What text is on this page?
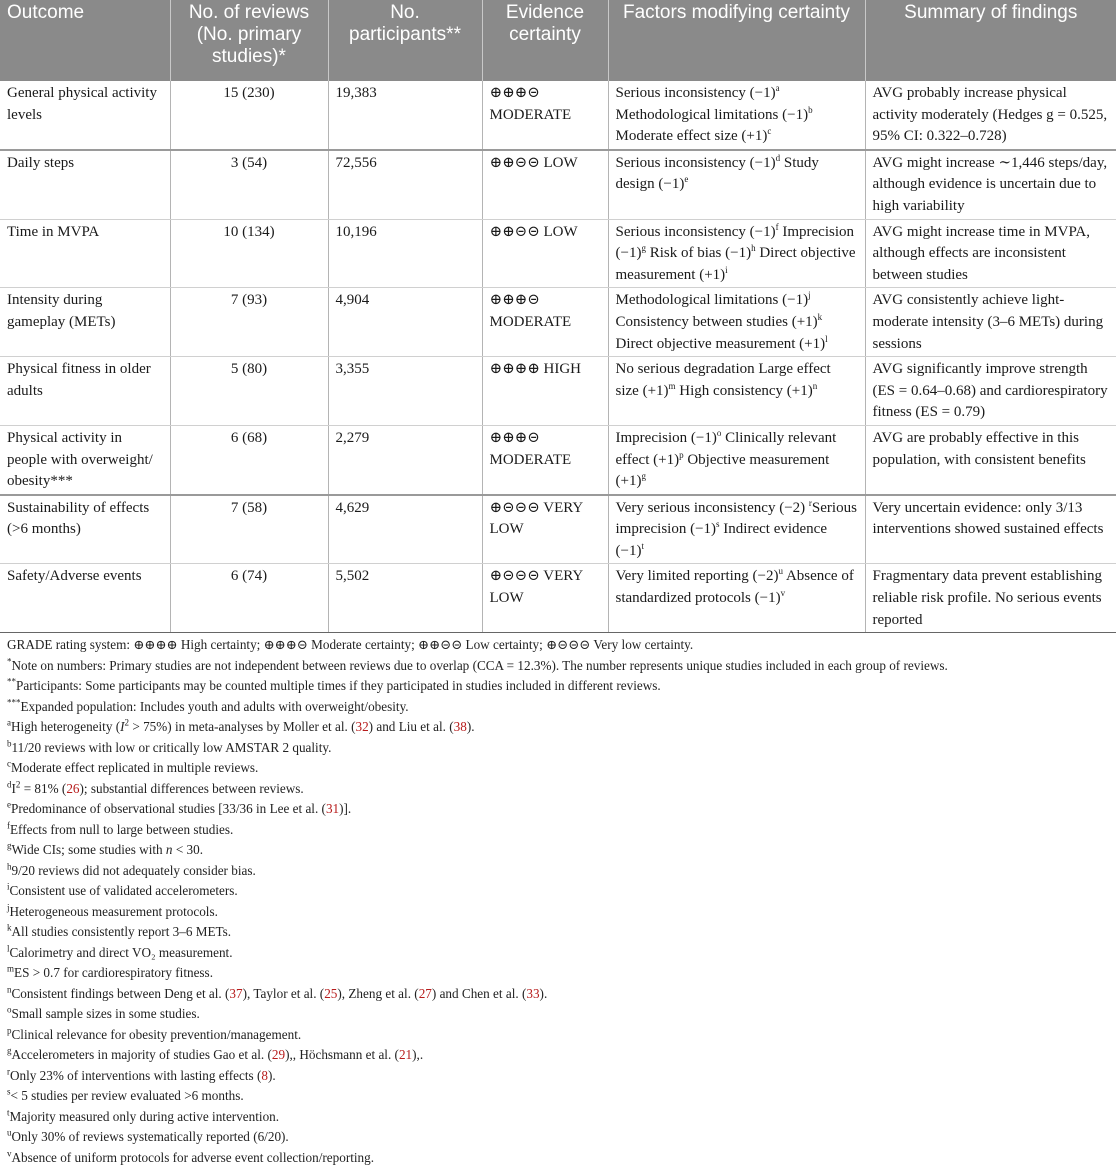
Outcome	No. of reviews (No. primary studies)*	No. participants**	Evidence certainty	Factors modifying certainty	Summary of findings
General physical activity levels	15 (230)	19,383	⊕⊕⊕⊝ MODERATE	Serious inconsistency $(-1)^a$ Methodological limitations $(-1)^b$ Moderate effect size $(+1)^c$	AVG probably increase physical activity moderately (Hedges g = 0.525, 95% CI: 0.322–0.728)
Daily steps	3 (54)	72,556	⊕⊕⊝⊝ LOW	Serious inconsistency $(-1)^d$ Study design $(-1)^e$	AVG might increase ∼1,446 steps/day, although evidence is uncertain due to high variability
Time in MVPA	10 (134)	10,196	⊕⊕⊝⊝ LOW	Serious inconsistency $(-1)^f$ Imprecision $(-1)^g$ Risk of bias $(-1)^h$ Direct objective measurement $(+1)^i$	AVG might increase time in MVPA, although effects are inconsistent between studies
Intensity during gameplay (METs)	7 (93)	4,904	⊕⊕⊕⊝ MODERATE	Methodological limitations $(-1)^j$ Consistency between studies $(+1)^k$ Direct objective measurement $(+1)^l$	AVG consistently achieve light-moderate intensity (3–6 METs) during sessions
Physical fitness in older adults	5 (80)	3,355	⊕⊕⊕⊕ HIGH	No serious degradation Large effect size $(+1)^m$ High consistency $(+1)^n$	AVG significantly improve strength (ES = 0.64–0.68) and cardiorespiratory fitness (ES = 0.79)
Physical activity in people with overweight/ obesity***	6 (68)	2,279	⊕⊕⊕⊝ MODERATE	Imprecision $(-1)^o$ Clinically relevant effect $(+1)^p$ Objective measurement $(+1)^g$	AVG are probably effective in this population, with consistent benefits
Sustainability of effects (>6 months)	7 (58)	4,629	⊕⊝⊝⊝ VERY LOW	Very serious inconsistency (−2) $^r$Serious imprecision $(-1)^s$ Indirect evidence $(-1)^t$	Very uncertain evidence: only 3/13 interventions showed sustained effects
Safety/Adverse events	6 (74)	5,502	⊕⊝⊝⊝ VERY LOW	Very limited reporting $(-2)^u$ Absence of standardized protocols $(-1)^v$	Fragmentary data prevent establishing reliable risk profile. No serious events reported
GRADE rating system: ⊕⊕⊕⊕ High certainty; ⊕⊕⊕⊝ Moderate certainty; ⊕⊕⊝⊝ Low certainty; ⊕⊝⊝⊝ Very low certainty.
*Note on numbers: Primary studies are not independent between reviews due to overlap (CCA = 12.3%). The number represents unique studies included in each group of reviews.
**Participants: Some participants may be counted multiple times if they participated in studies included in different reviews.
***Expanded population: Includes youth and adults with overweight/obesity.
$^a$High heterogeneity $(I^2 > 75\%)$ in meta-analyses by Moller et al. (32) and Liu et al. (38).
$^b$11/20 reviews with low or critically low AMSTAR 2 quality.
$^c$Moderate effect replicated in multiple reviews.
$^dI^2 = 81\%$ (26); substantial differences between reviews.
$^e$Predominance of observational studies [33/36 in Lee et al. (31)].
$^f$Effects from null to large between studies.
$^g$Wide CIs; some studies with n < 30.
$^h$9/20 reviews did not adequately consider bias.
$^i$Consistent use of validated accelerometers.
$^j$Heterogeneous measurement protocols.
$^k$All studies consistently report 3–6 METs.
$^l$Calorimetry and direct VO₂ measurement.
$^m$ES > 0.7 for cardiorespiratory fitness.
$^n$Consistent findings between Deng et al. (37), Taylor et al. (25), Zheng et al. (27) and Chen et al. (33).
$^o$Small sample sizes in some studies.
$^p$Clinical relevance for obesity prevention/management.
$^g$Accelerometers in majority of studies Gao et al. (29),, Höchsmann et al. (21),.
$^r$Only 23% of interventions with lasting effects (8).
$^s$< 5 studies per review evaluated >6 months.
$^t$Majority measured only during active intervention.
$^u$Only 30% of reviews systematically reported (6/20).
$^v$Absence of uniform protocols for adverse event collection/reporting.
